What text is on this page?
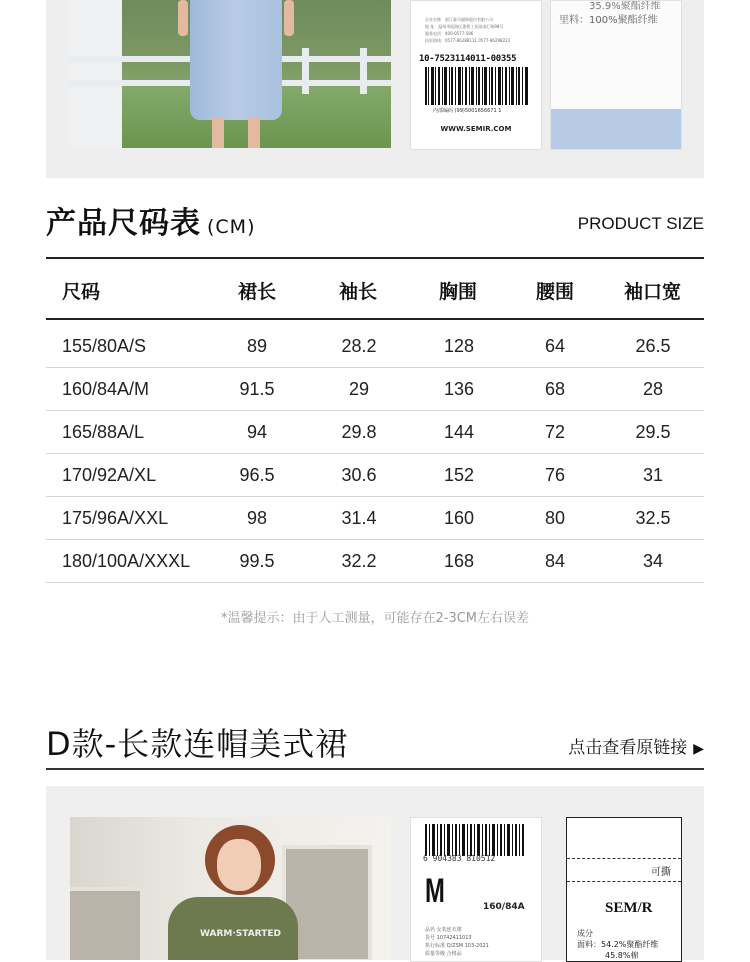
企业名称：浙江森马服饰股份有限公司
地 址：温州市瓯海区娄桥工业园南汇路98号
服务电话：400-0577-586
投诉热线：0577-86288111 0577-86298222
10-7523114011-00355
内部编码 (99)5001656671 1
WWW.SEMIR.COM
35.9%聚酯纤维
里料：100%聚酯纤维
产品尺码表 (CM)	PRODUCT SIZE
尺码	裙长	袖长	胸围	腰围	袖口宽
155/80A/S	89	28.2	128	64	26.5
160/84A/M	91.5	29	136	68	28
165/88A/L	94	29.8	144	72	29.5
170/92A/XL	96.5	30.6	152	76	31
175/96A/XXL	98	31.4	160	80	32.5
180/100A/XXXL	99.5	32.2	168	84	34
*温馨提示：由于人工测量，可能存在2-3CM左右误差
D款-长款连帽美式裙	点击查看原链接 ▶
WARM·STARTED
6 904383 810512
M	160/84A
品名 女装连衣裙
货号 10742411013
执行标准 Q/ZSM 103-2021
质量等级 合格品
可撕
SEM/R
成分
面料：54.2%聚酯纤维
45.8%棉
